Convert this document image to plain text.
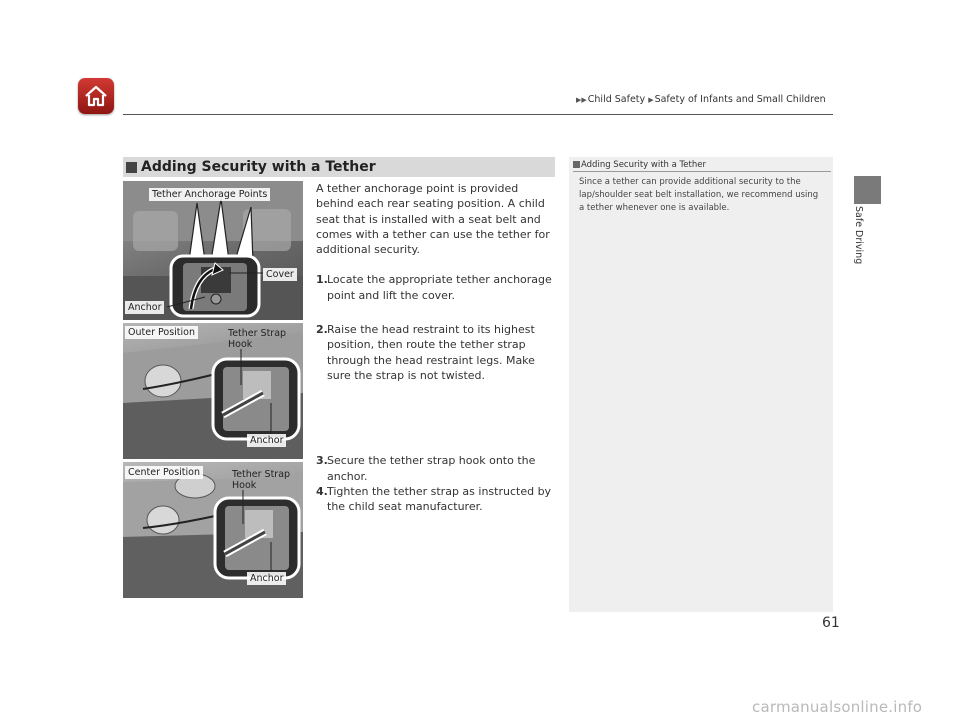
▶▶Child Safety ▶Safety of Infants and Small Children
Safe Driving
Adding Security with a Tether
Tether Anchorage Points
Cover
Anchor
Outer Position	Tether Strap
Hook
Anchor
Center Position	Tether Strap
Hook
Anchor

A tether anchorage point is provided behind each rear seating position. A child seat that is installed with a seat belt and comes with a tether can use the tether for additional security.

1. Locate the appropriate tether anchorage point and lift the cover.

2. Raise the head restraint to its highest position, then route the tether strap through the head restraint legs. Make sure the strap is not twisted.

3. Secure the tether strap hook onto the anchor.

4. Tighten the tether strap as instructed by the child seat manufacturer.

Adding Security with a Tether
Since a tether can provide additional security to the lap/shoulder seat belt installation, we recommend using a tether whenever one is available.
61
carmanualsonline.info
